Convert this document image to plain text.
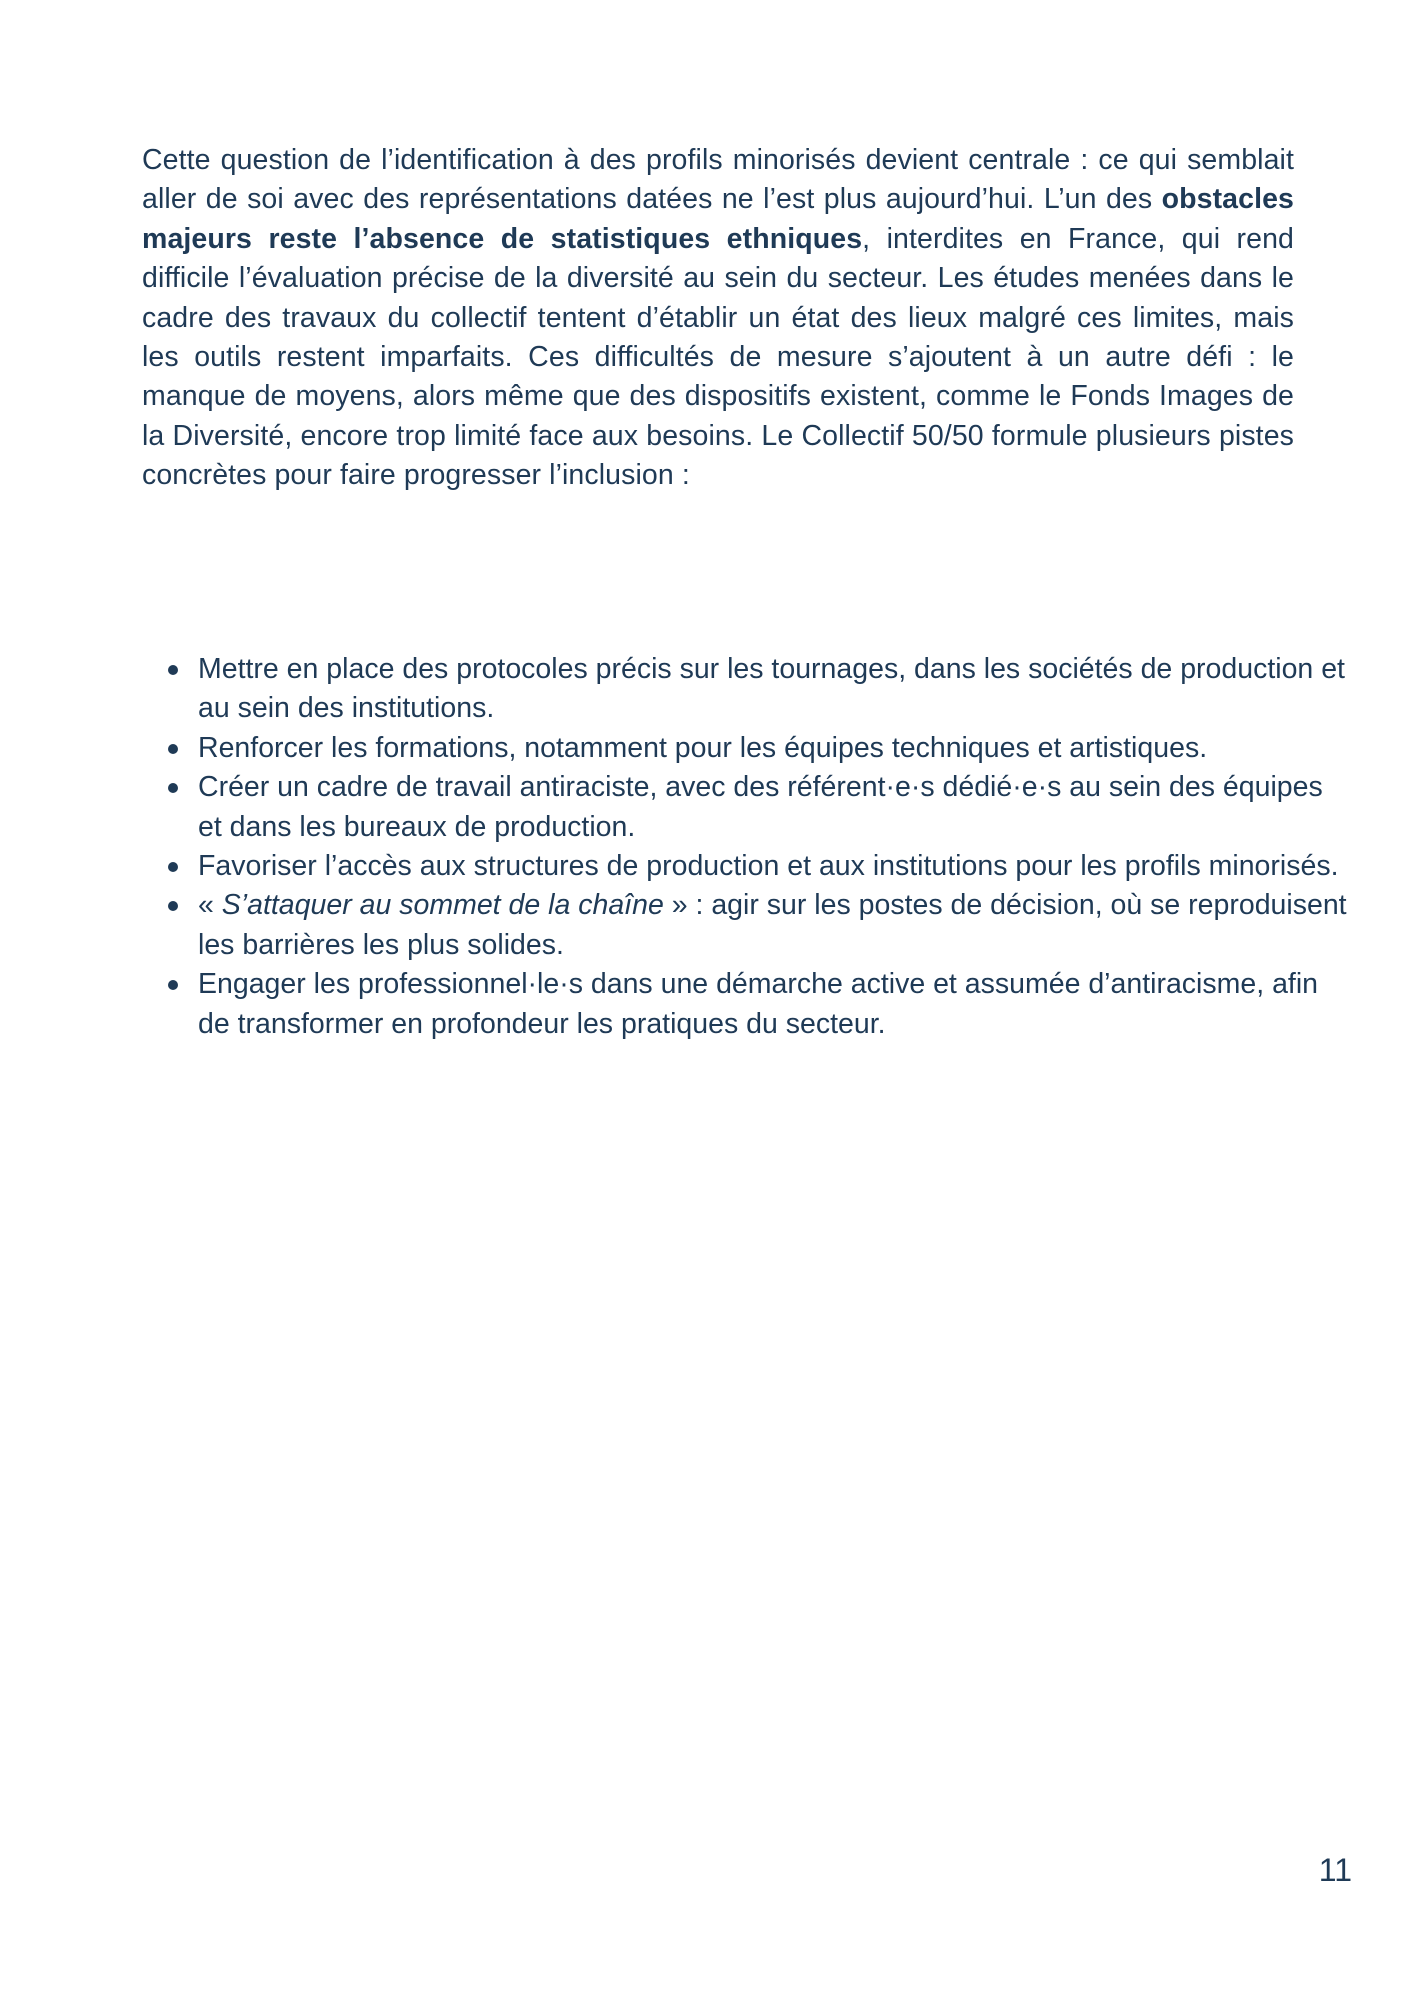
Cette question de l’identification à des profils minorisés devient centrale : ce qui semblait aller de soi avec des représentations datées ne l’est plus aujourd’hui. L’un des obstacles majeurs reste l’absence de statistiques ethniques, interdites en France, qui rend difficile l’évaluation précise de la diversité au sein du secteur. Les études menées dans le cadre des travaux du collectif tentent d’établir un état des lieux malgré ces limites, mais les outils restent imparfaits. Ces difficultés de mesure s’ajoutent à un autre défi : le manque de moyens, alors même que des dispositifs existent, comme le Fonds Images de la Diversité, encore trop limité face aux besoins. Le Collectif 50/50 formule plusieurs pistes concrètes pour faire progresser l’inclusion :

Mettre en place des protocoles précis sur les tournages, dans les sociétés de production et au sein des institutions.
Renforcer les formations, notamment pour les équipes techniques et artistiques.
Créer un cadre de travail antiraciste, avec des référent·e·s dédié·e·s au sein des équipes et dans les bureaux de production.
Favoriser l’accès aux structures de production et aux institutions pour les profils minorisés.
« S’attaquer au sommet de la chaîne » : agir sur les postes de décision, où se reproduisent les barrières les plus solides.
Engager les professionnel·le·s dans une démarche active et assumée d’antiracisme, afin de transformer en profondeur les pratiques du secteur.
11
